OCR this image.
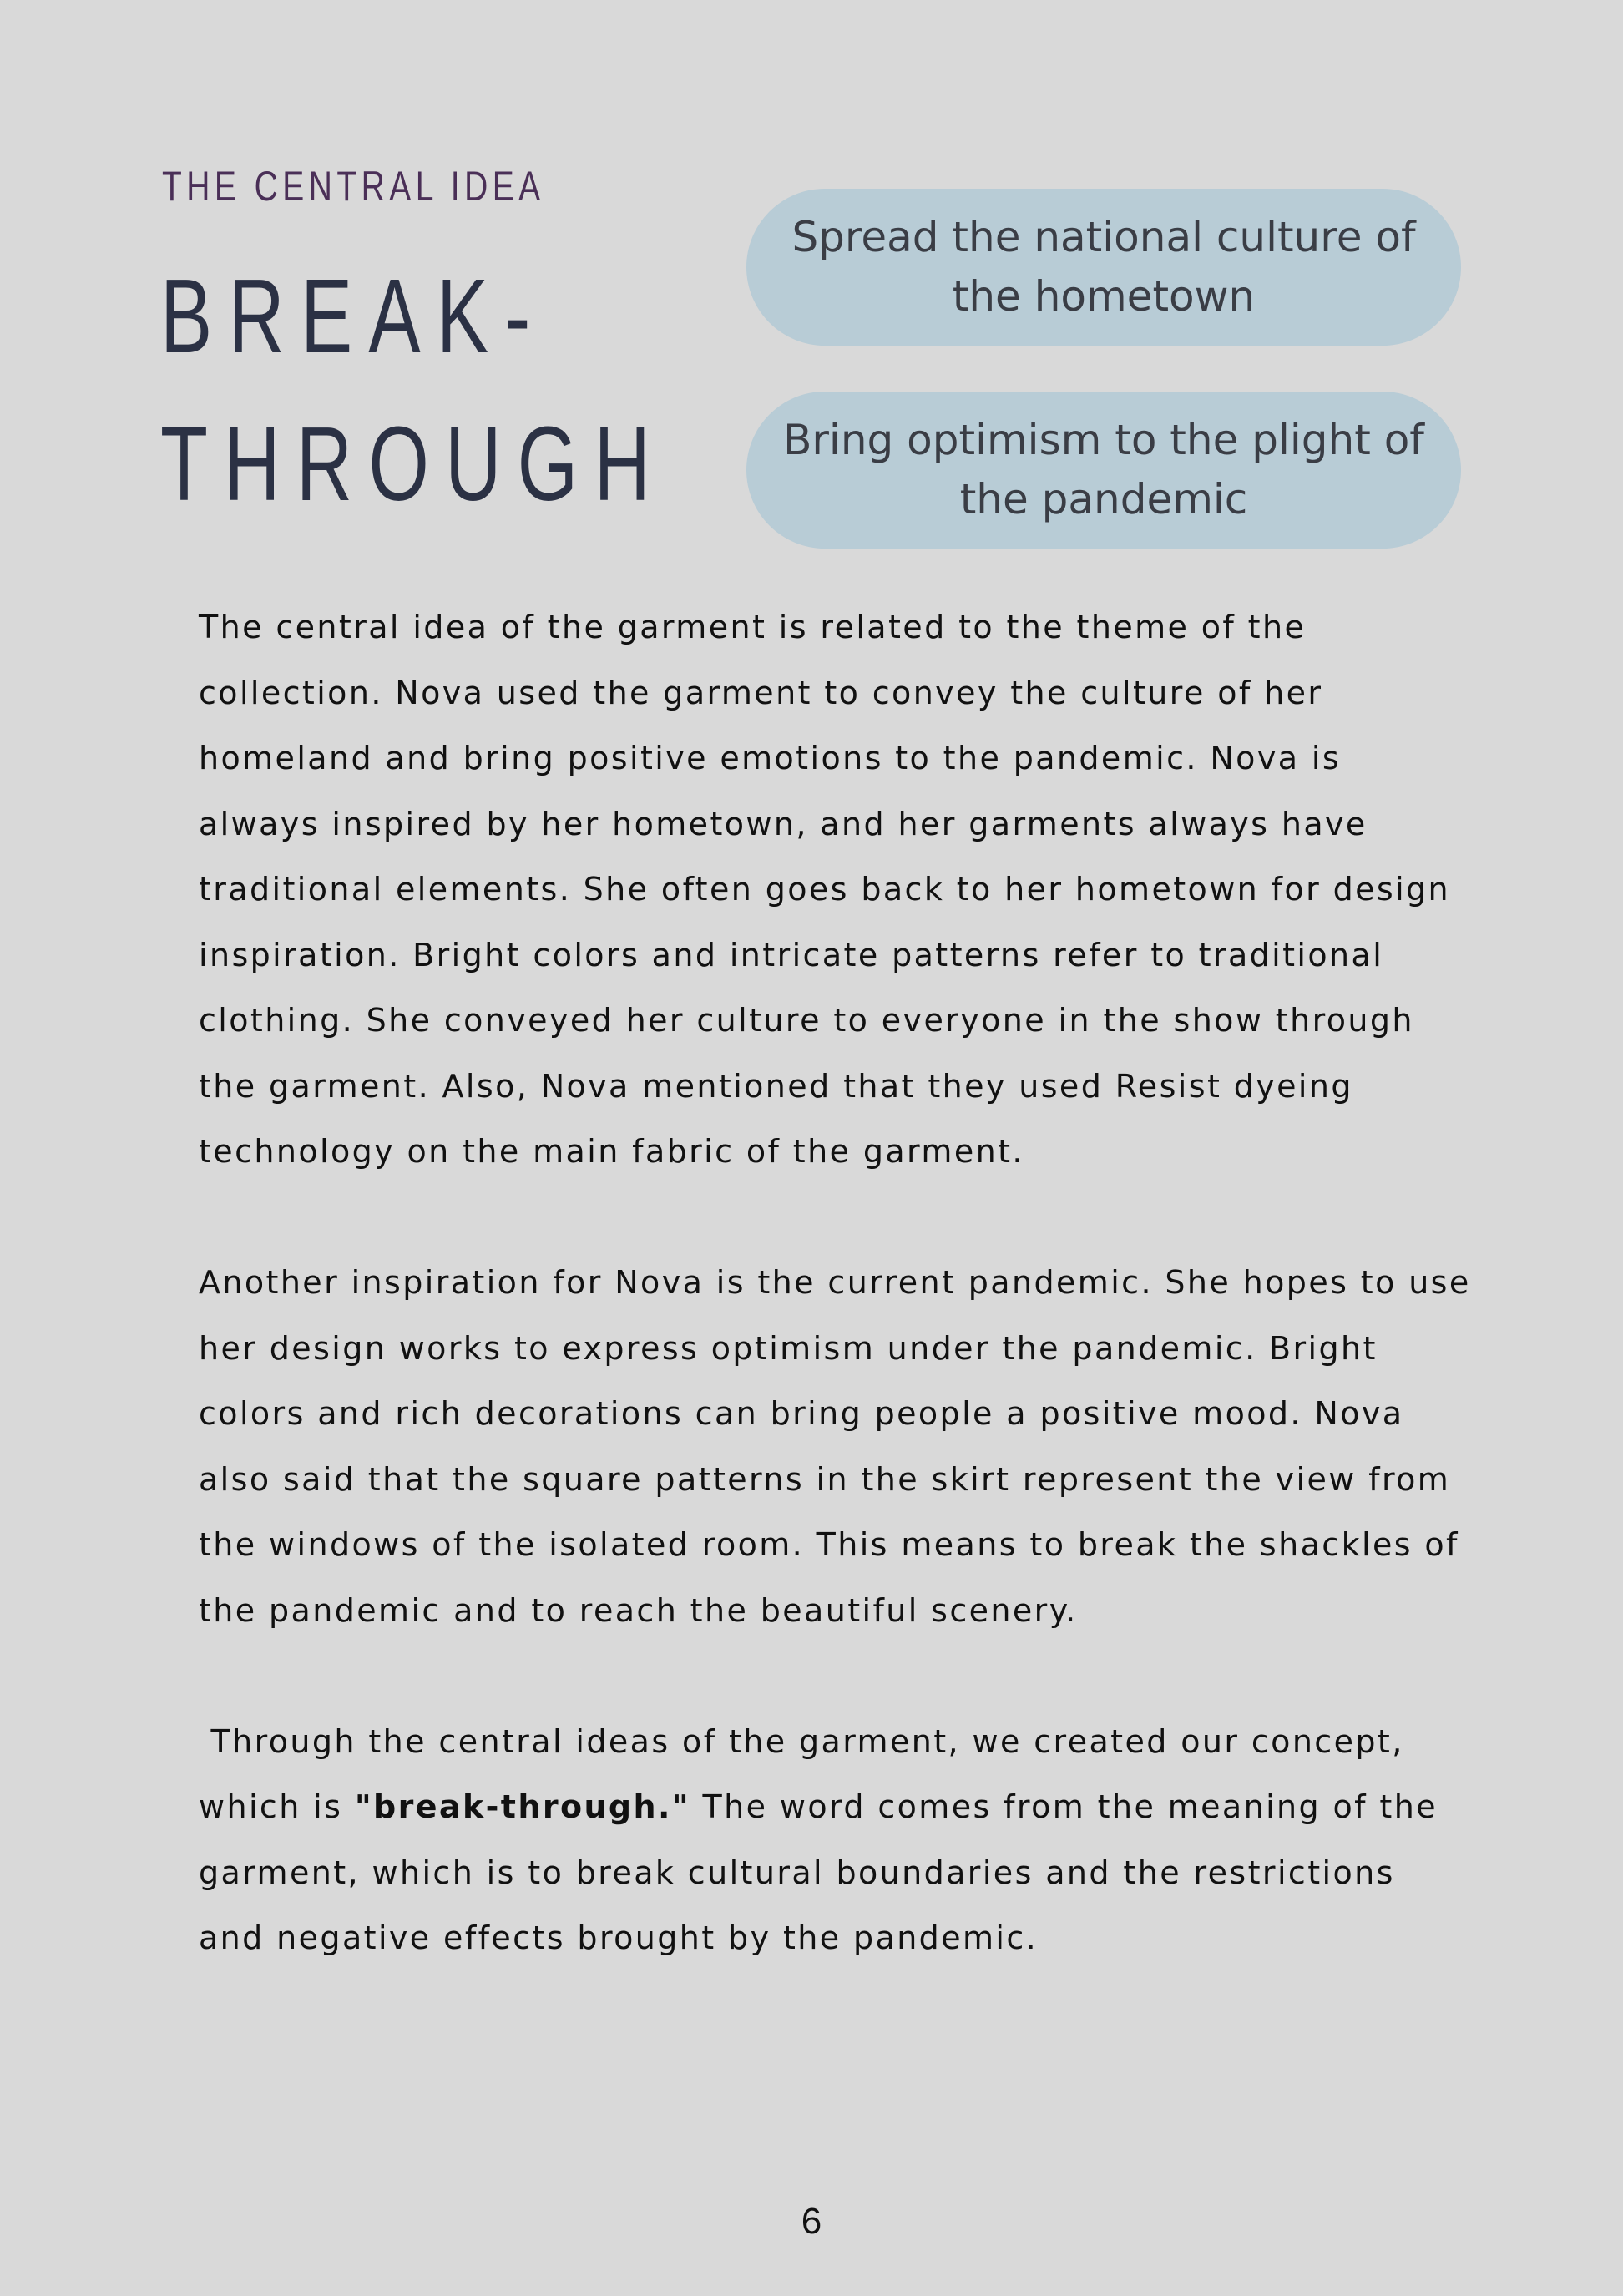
THE CENTRAL IDEA
BREAK-
THROUGH
Spread the national culture of
the hometown
Bring optimism to the plight of
the pandemic

The central idea of the garment is related to the theme of the

collection. Nova used the garment to convey the culture of her

homeland and bring positive emotions to the pandemic. Nova is

always inspired by her hometown, and her garments always have

traditional elements. She often goes back to her hometown for design

inspiration. Bright colors and intricate patterns refer to traditional

clothing. She conveyed her culture to everyone in the show through

the garment. Also, Nova mentioned that they used Resist dyeing

technology on the main fabric of the garment.

Another inspiration for Nova is the current pandemic. She hopes to use

her design works to express optimism under the pandemic. Bright

colors and rich decorations can bring people a positive mood. Nova

also said that the square patterns in the skirt represent the view from

the windows of the isolated room. This means to break the shackles of

the pandemic and to reach the beautiful scenery.

Through the central ideas of the garment, we created our concept,

which is "break-through." The word comes from the meaning of the

garment, which is to break cultural boundaries and the restrictions

and negative effects brought by the pandemic.

6
